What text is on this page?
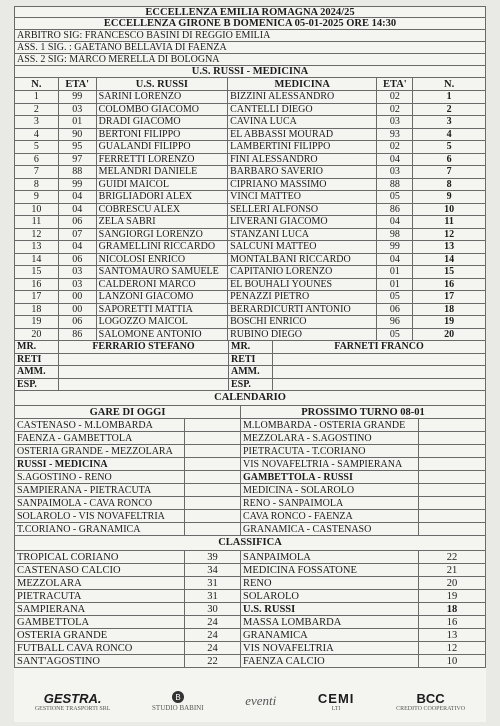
ECCELLENZA EMILIA ROMAGNA 2024/25
ECCELLENZA GIRONE B DOMENICA 05-01-2025 ORE 14:30
ARBITRO SIG: FRANCESCO BASINI DI REGGIO EMILIA
ASS. 1 SIG. : GAETANO BELLAVIA DI FAENZA
ASS. 2 SIG: MARCO MERELLA DI BOLOGNA
U.S. RUSSI - MEDICINA
N.	ETA'	U.S. RUSSI	MEDICINA	ETA'	N.
1	99	SARINI LORENZO	BIZZINI ALESSANDRO	02	1
2	03	COLOMBO GIACOMO	CANTELLI DIEGO	02	2
3	01	DRADI GIACOMO	CAVINA LUCA	03	3
4	90	BERTONI FILIPPO	EL ABBASSI MOURAD	93	4
5	95	GUALANDI FILIPPO	LAMBERTINI FILIPPO	02	5
6	97	FERRETTI LORENZO	FINI ALESSANDRO	04	6
7	88	MELANDRI DANIELE	BARBARO SAVERIO	03	7
8	99	GUIDI MAICOL	CIPRIANO MASSIMO	88	8
9	04	BRIGLIADORI ALEX	VINCI MATTEO	05	9
10	04	COBRESCU ALEX	SELLERI ALFONSO	86	10
11	06	ZELA SABRI	LIVERANI GIACOMO	04	11
12	07	SANGIORGI LORENZO	STANZANI LUCA	98	12
13	04	GRAMELLINI RICCARDO	SALCUNI MATTEO	99	13
14	06	NICOLOSI ENRICO	MONTALBANI RICCARDO	04	14
15	03	SANTOMAURO SAMUELE	CAPITANIO LORENZO	01	15
16	03	CALDERONI MARCO	EL BOUHALI YOUNES	01	16
17	00	LANZONI GIACOMO	PENAZZI PIETRO	05	17
18	00	SAPORETTI MATTIA	BERARDICURTI ANTONIO	06	18
19	06	LOGOZZO MAICOL	BOSCHI ENRICO	96	19
20	86	SALOMONE ANTONIO	RUBINO DIEGO	05	20
MR.	FERRARIO STEFANO	MR.	FARNETI FRANCO
RETI	RETI
AMM.	AMM.
ESP.	ESP.
CALENDARIO
GARE DI OGGI	PROSSIMO TURNO 08-01
CASTENASO - M.LOMBARDA	M.LOMBARDA - OSTERIA GRANDE
FAENZA - GAMBETTOLA	MEZZOLARA - S.AGOSTINO
OSTERIA GRANDE - MEZZOLARA	PIETRACUTA - T.CORIANO
RUSSI - MEDICINA	VIS NOVAFELTRIA - SAMPIERANA
S.AGOSTINO - RENO	GAMBETTOLA - RUSSI
SAMPIERANA - PIETRACUTA	MEDICINA - SOLAROLO
SANPAIMOLA - CAVA RONCO	RENO - SANPAIMOLA
SOLAROLO - VIS NOVAFELTRIA	CAVA RONCO - FAENZA
T.CORIANO - GRANAMICA	GRANAMICA - CASTENASO
CLASSIFICA
TROPICAL CORIANO	39	SANPAIMOLA	22
CASTENASO CALCIO	34	MEDICINA FOSSATONE	21
MEZZOLARA	31	RENO	20
PIETRACUTA	31	SOLAROLO	19
SAMPIERANA	30	U.S. RUSSI	18
GAMBETTOLA	24	MASSA LOMBARDA	16
OSTERIA GRANDE	24	GRANAMICA	13
FUTBALL CAVA RONCO	24	VIS NOVAFELTRIA	12
SANT'AGOSTINO	22	FAENZA CALCIO	10
GESTRA.
GESTIONE TRASPORTI SRL
B
STUDIO BABINI	eventi	CEMI
LTI
BCC
CREDITO COOPERATIVO
